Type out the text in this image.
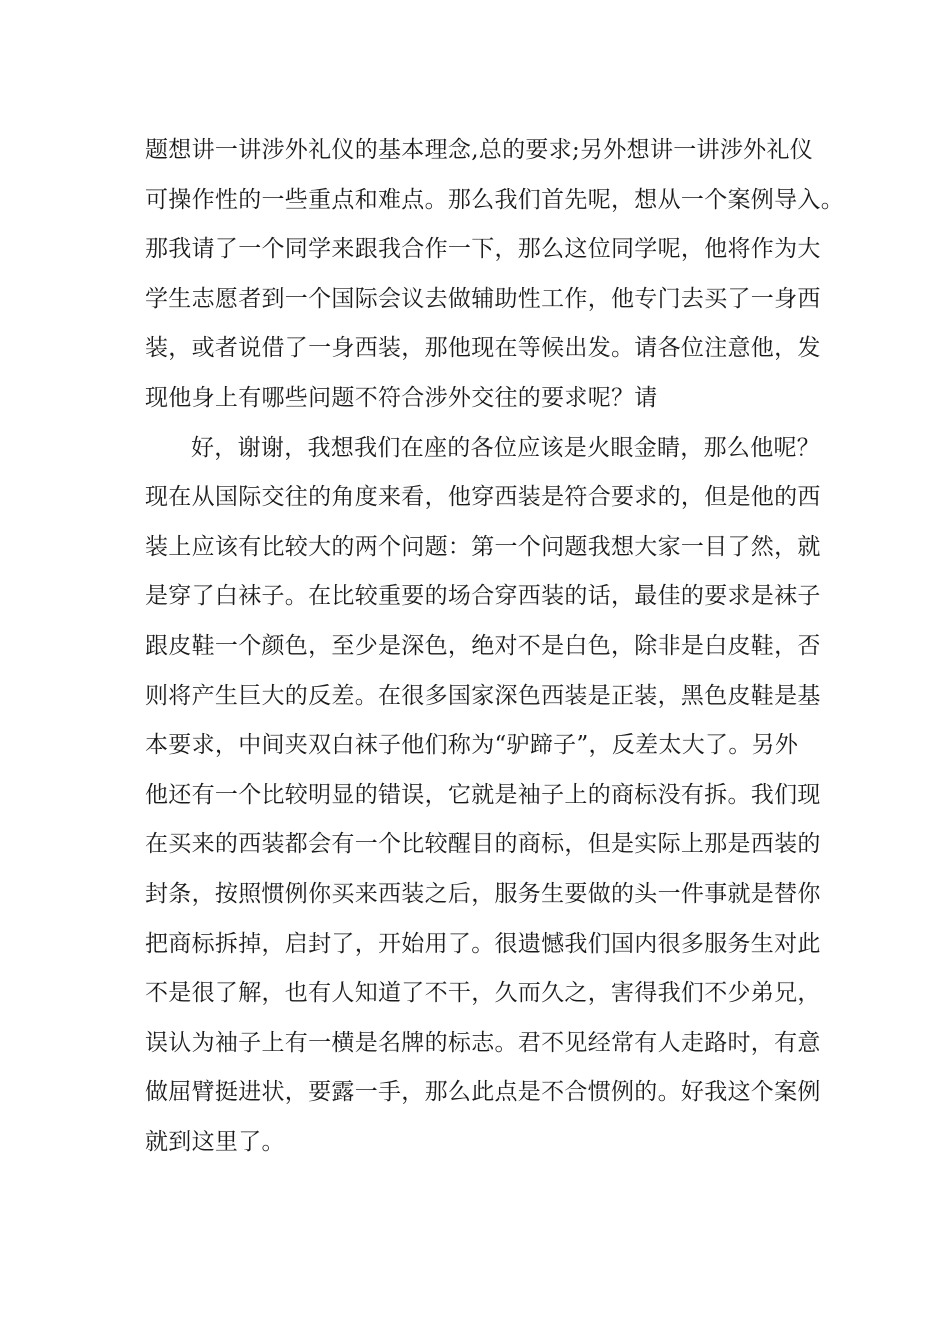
题想讲一讲涉外礼仪的基本理念,总的要求;另外想讲一讲涉外礼仪
可操作性的一些重点和难点。那么我们首先呢，想从一个案例导入。
那我请了一个同学来跟我合作一下，那么这位同学呢，他将作为大
学生志愿者到一个国际会议去做辅助性工作，他专门去买了一身西
装，或者说借了一身西装，那他现在等候出发。请各位注意他，发
现他身上有哪些问题不符合涉外交往的要求呢？请
好，谢谢，我想我们在座的各位应该是火眼金睛，那么他呢？
现在从国际交往的角度来看，他穿西装是符合要求的，但是他的西
装上应该有比较大的两个问题：第一个问题我想大家一目了然，就
是穿了白袜子。在比较重要的场合穿西装的话，最佳的要求是袜子
跟皮鞋一个颜色，至少是深色，绝对不是白色，除非是白皮鞋，否
则将产生巨大的反差。在很多国家深色西装是正装，黑色皮鞋是基
本要求，中间夹双白袜子他们称为“驴蹄子”，反差太大了。另外
他还有一个比较明显的错误，它就是袖子上的商标没有拆。我们现
在买来的西装都会有一个比较醒目的商标，但是实际上那是西装的
封条，按照惯例你买来西装之后，服务生要做的头一件事就是替你
把商标拆掉，启封了，开始用了。很遗憾我们国内很多服务生对此
不是很了解，也有人知道了不干，久而久之，害得我们不少弟兄，
误认为袖子上有一横是名牌的标志。君不见经常有人走路时，有意
做屈臂挺进状，要露一手，那么此点是不合惯例的。好我这个案例
就到这里了。
